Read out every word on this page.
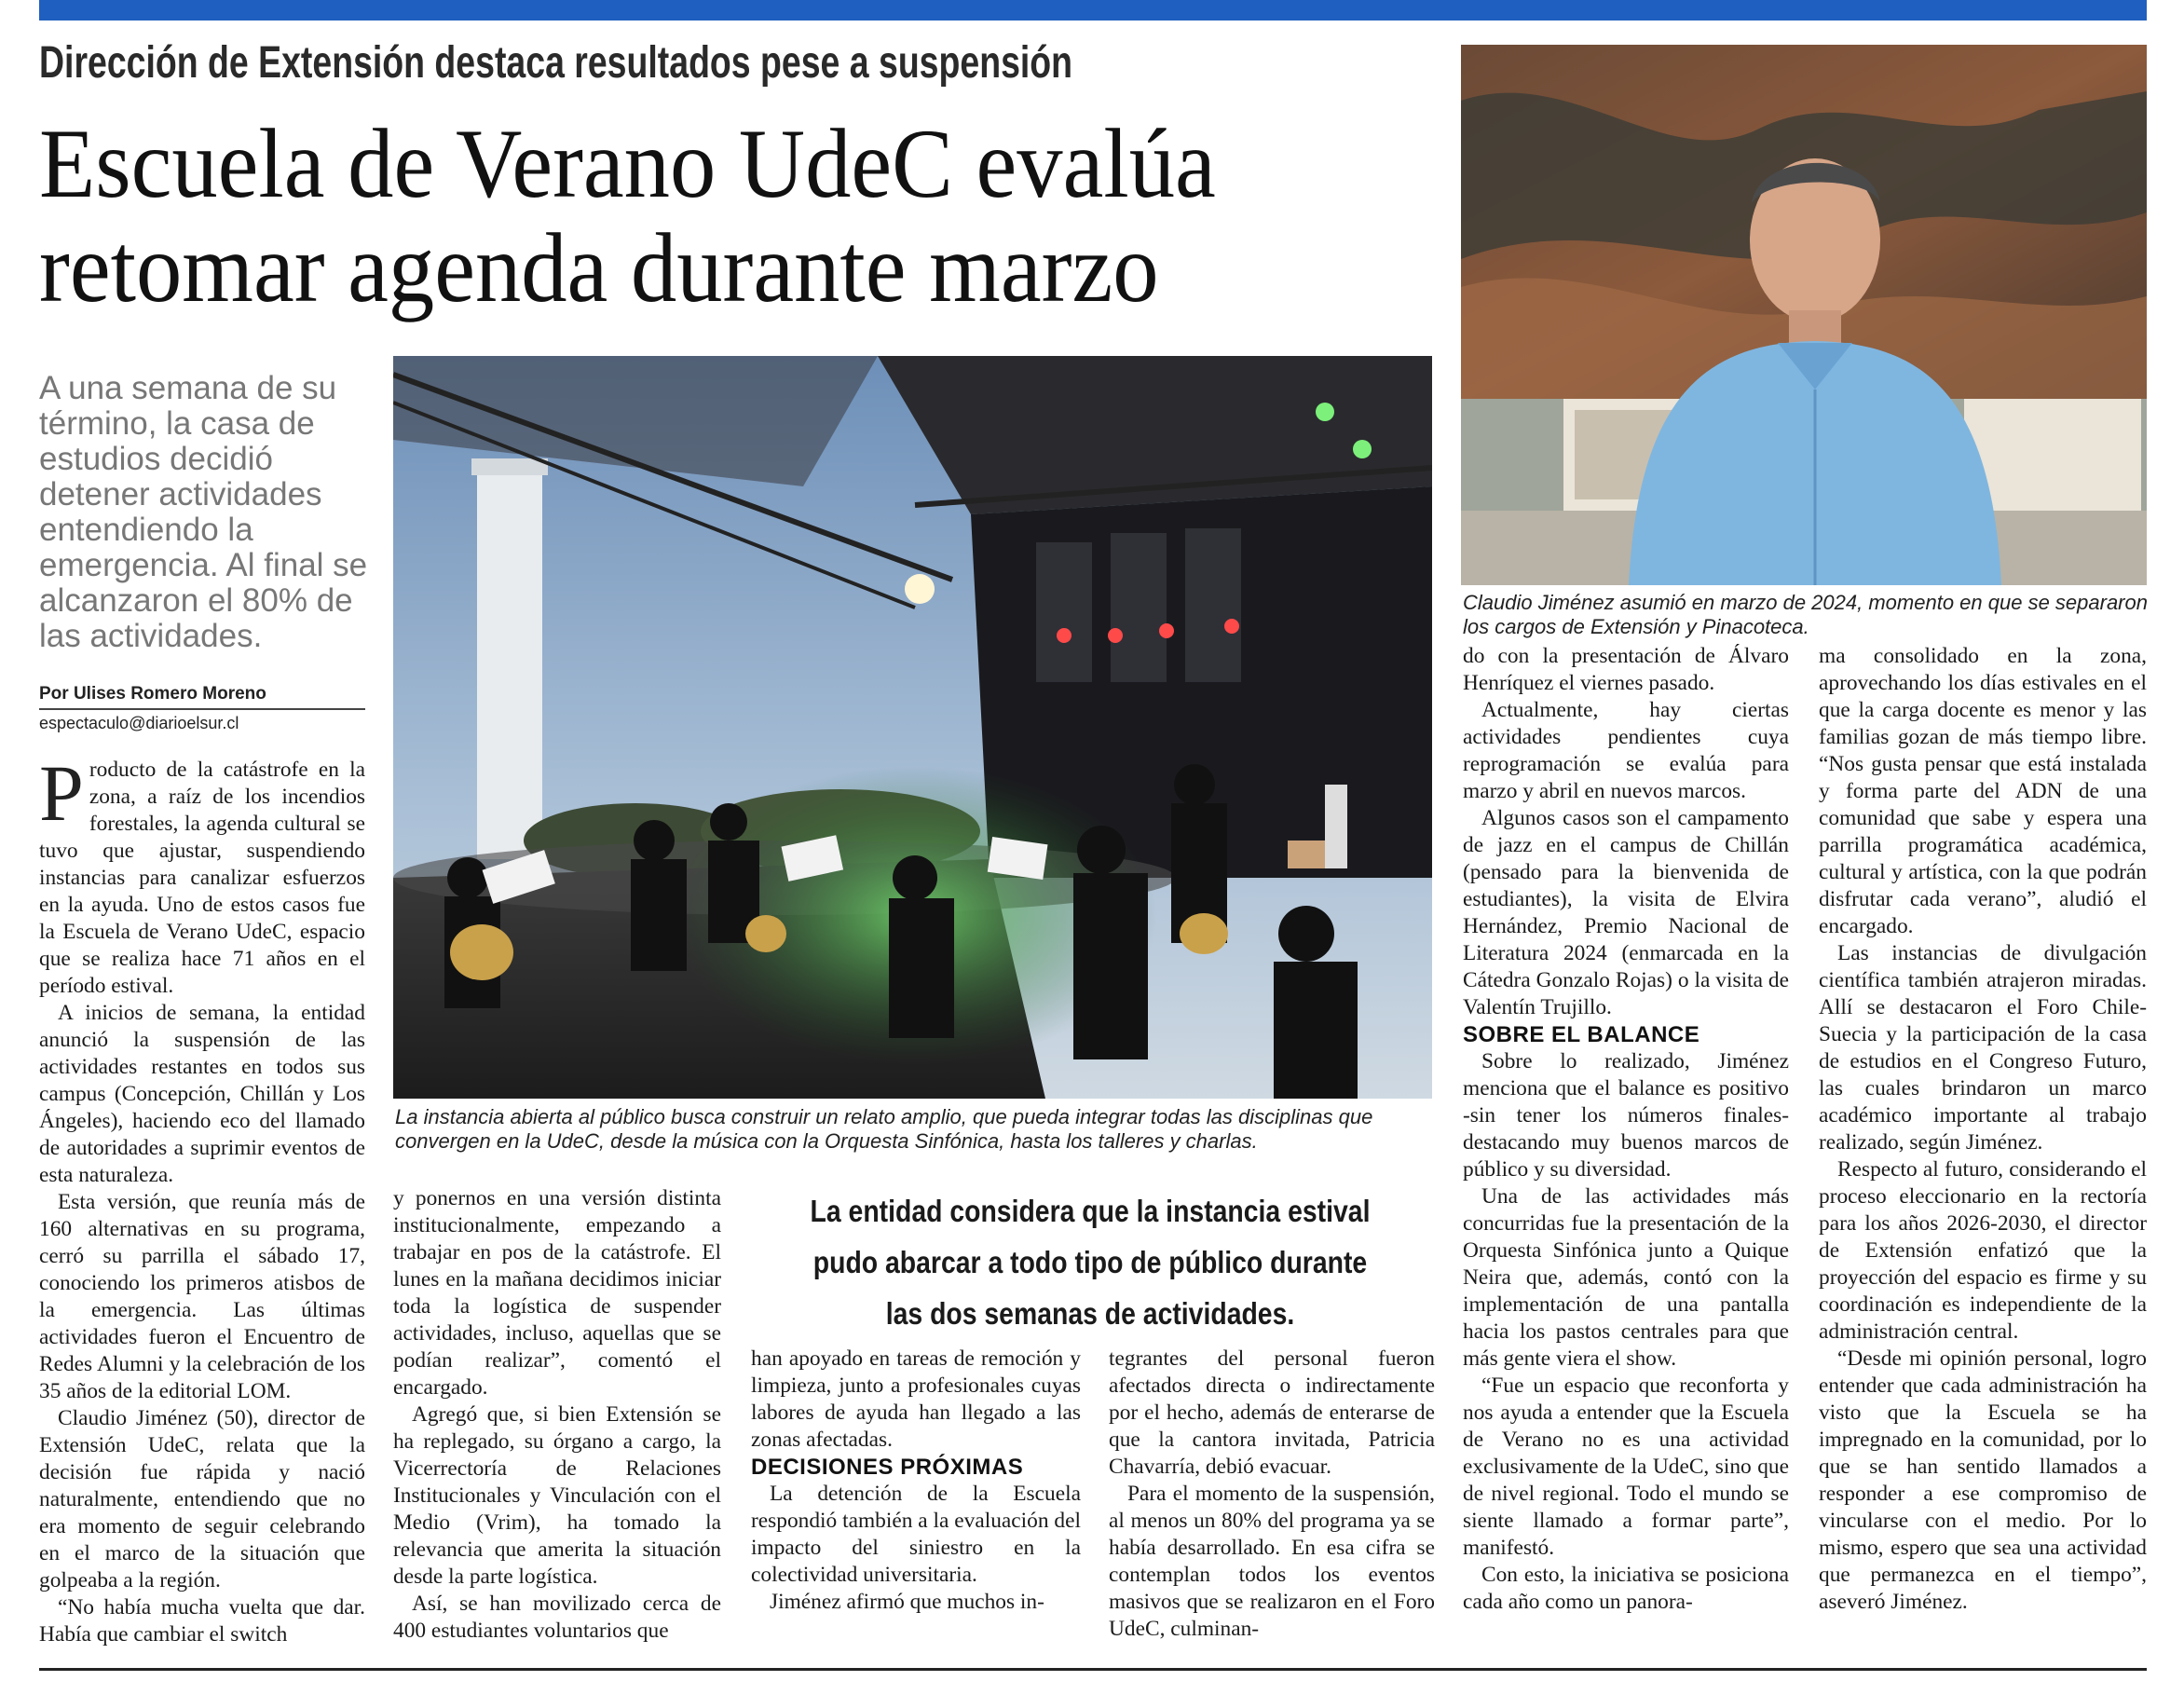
Dirección de Extensión destaca resultados pese a suspensión
Escuela de Verano UdeC evalúa
retomar agenda durante marzo
A una semana de su término, la casa de estudios decidió detener actividades entendiendo la emergencia. Al final se alcanzaron el 80% de las actividades.
Por Ulises Romero Moreno
espectaculo@diarioelsur.cl
La instancia abierta al público busca construir un relato amplio, que pueda integrar todas las disciplinas que convergen en la UdeC, desde la música con la Orquesta Sinfónica, hasta los talleres y charlas.
Claudio Jiménez asumió en marzo de 2024, momento en que se separaron los cargos de Extensión y Pinacoteca.
La entidad considera que la instancia estival pudo abarcar a todo tipo de público durante las dos semanas de actividades.

Producto de la catástrofe en la zona, a raíz de los incendios forestales, la agenda cultural se tuvo que ajustar, suspendiendo instancias para canalizar esfuerzos en la ayuda. Uno de estos casos fue la Escuela de Verano UdeC, espacio que se realiza hace 71 años en el período estival.

A inicios de semana, la entidad anunció la suspensión de las actividades restantes en todos sus campus (Concepción, Chillán y Los Ángeles), haciendo eco del llamado de autoridades a suprimir eventos de esta naturaleza.

Esta versión, que reunía más de 160 alternativas en su programa, cerró su parrilla el sábado 17, conociendo los primeros atisbos de la emergencia. Las últimas actividades fueron el Encuentro de Redes Alumni y la celebración de los 35 años de la editorial LOM.

Claudio Jiménez (50), director de Extensión UdeC, relata que la decisión fue rápida y nació naturalmente, entendiendo que no era momento de seguir celebrando en el marco de la situación que golpeaba a la región.

“No había mucha vuelta que dar. Había que cambiar el switch

y ponernos en una versión distinta institucionalmente, empezando a trabajar en pos de la catástrofe. El lunes en la mañana decidimos iniciar toda la logística de suspender actividades, incluso, aquellas que se podían realizar”, comentó el encargado.

Agregó que, si bien Extensión se ha replegado, su órgano a cargo, la Vicerrectoría de Relaciones Institucionales y Vinculación con el Medio (Vrim), ha tomado la relevancia que amerita la situación desde la parte logística.

Así, se han movilizado cerca de 400 estudiantes voluntarios que

han apoyado en tareas de remoción y limpieza, junto a profesionales cuyas labores de ayuda han llegado a las zonas afectadas.

DECISIONES PRÓXIMAS

La detención de la Escuela respondió también a la evaluación del impacto del siniestro en la colectividad universitaria.

Jiménez afirmó que muchos in-

tegrantes del personal fueron afectados directa o indirectamente por el hecho, además de enterarse de que la cantora invitada, Patricia Chavarría, debió evacuar.

Para el momento de la suspensión, al menos un 80% del programa ya se había desarrollado. En esa cifra se contemplan todos los eventos masivos que se realizaron en el Foro UdeC, culminan-

do con la presentación de Álvaro Henríquez el viernes pasado.

Actualmente, hay ciertas actividades pendientes cuya reprogramación se evalúa para marzo y abril en nuevos marcos.

Algunos casos son el campamento de jazz en el campus de Chillán (pensado para la bienvenida de estudiantes), la visita de Elvira Hernández, Premio Nacional de Literatura 2024 (enmarcada en la Cátedra Gonzalo Rojas) o la visita de Valentín Trujillo.

SOBRE EL BALANCE

Sobre lo realizado, Jiménez menciona que el balance es positivo -sin tener los números finales- destacando muy buenos marcos de público y su diversidad.

Una de las actividades más concurridas fue la presentación de la Orquesta Sinfónica junto a Quique Neira que, además, contó con la implementación de una pantalla hacia los pastos centrales para que más gente viera el show.

“Fue un espacio que reconforta y nos ayuda a entender que la Escuela de Verano no es una actividad exclusivamente de la UdeC, sino que de nivel regional. Todo el mundo se siente llamado a formar parte”, manifestó.

Con esto, la iniciativa se posiciona cada año como un panora-

ma consolidado en la zona, aprovechando los días estivales en el que la carga docente es menor y las familias gozan de más tiempo libre. “Nos gusta pensar que está instalada y forma parte del ADN de una comunidad que sabe y espera una parrilla programática académica, cultural y artística, con la que podrán disfrutar cada verano”, aludió el encargado.

Las instancias de divulgación científica también atrajeron miradas. Allí se destacaron el Foro Chile-Suecia y la participación de la casa de estudios en el Congreso Futuro, las cuales brindaron un marco académico importante al trabajo realizado, según Jiménez.

Respecto al futuro, considerando el proceso eleccionario en la rectoría para los años 2026-2030, el director de Extensión enfatizó que la proyección del espacio es firme y su coordinación es independiente de la administración central.

“Desde mi opinión personal, logro entender que cada administración ha visto que la Escuela se ha impregnado en la comunidad, por lo que se han sentido llamados a responder a ese compromiso de vincularse con el medio. Por lo mismo, espero que sea una actividad que permanezca en el tiempo”, aseveró Jiménez.
